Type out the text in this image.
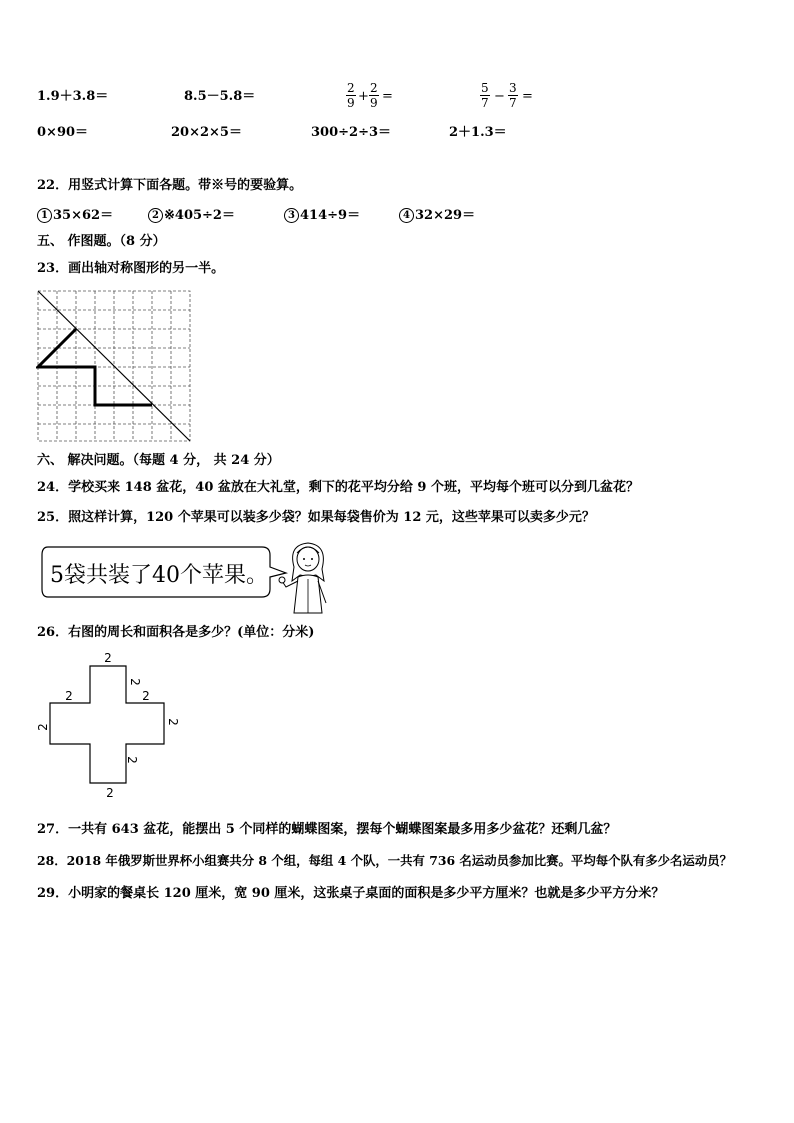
1.9＋3.8＝	8.5－5.8＝	$\frac{2}{9} + \frac{2}{9}$ =	$\frac{5}{7} - \frac{3}{7}$ =
0×90＝	20×2×5＝	300÷2÷3＝	2＋1.3＝
22．用竖式计算下面各题。带※号的要验算。
1 35×62＝	2 ※405÷2＝	3 414÷9＝	4 32×29＝
五、 作图题。（8 分）
23．画出轴对称图形的另一半。
六、 解决问题。（每题 4 分， 共 24 分）
24．学校买来 148 盆花，40 盆放在大礼堂，剩下的花平均分给 9 个班，平均每个班可以分到几盆花？
25．照这样计算，120 个苹果可以装多少袋？如果每袋售价为 12 元，这些苹果可以卖多少元？
5袋共装了40个苹果。
26．右图的周长和面积各是多少？(单位：分米)
2
2	2
2
2
2
2
2
27．一共有 643 盆花，能摆出 5 个同样的蝴蝶图案，摆每个蝴蝶图案最多用多少盆花？还剩几盆？
28．2018 年俄罗斯世界杯小组赛共分 8 个组，每组 4 个队，一共有 736 名运动员参加比赛。平均每个队有多少名运动员？
29．小明家的餐桌长 120 厘米，宽 90 厘米，这张桌子桌面的面积是多少平方厘米？也就是多少平方分米？
